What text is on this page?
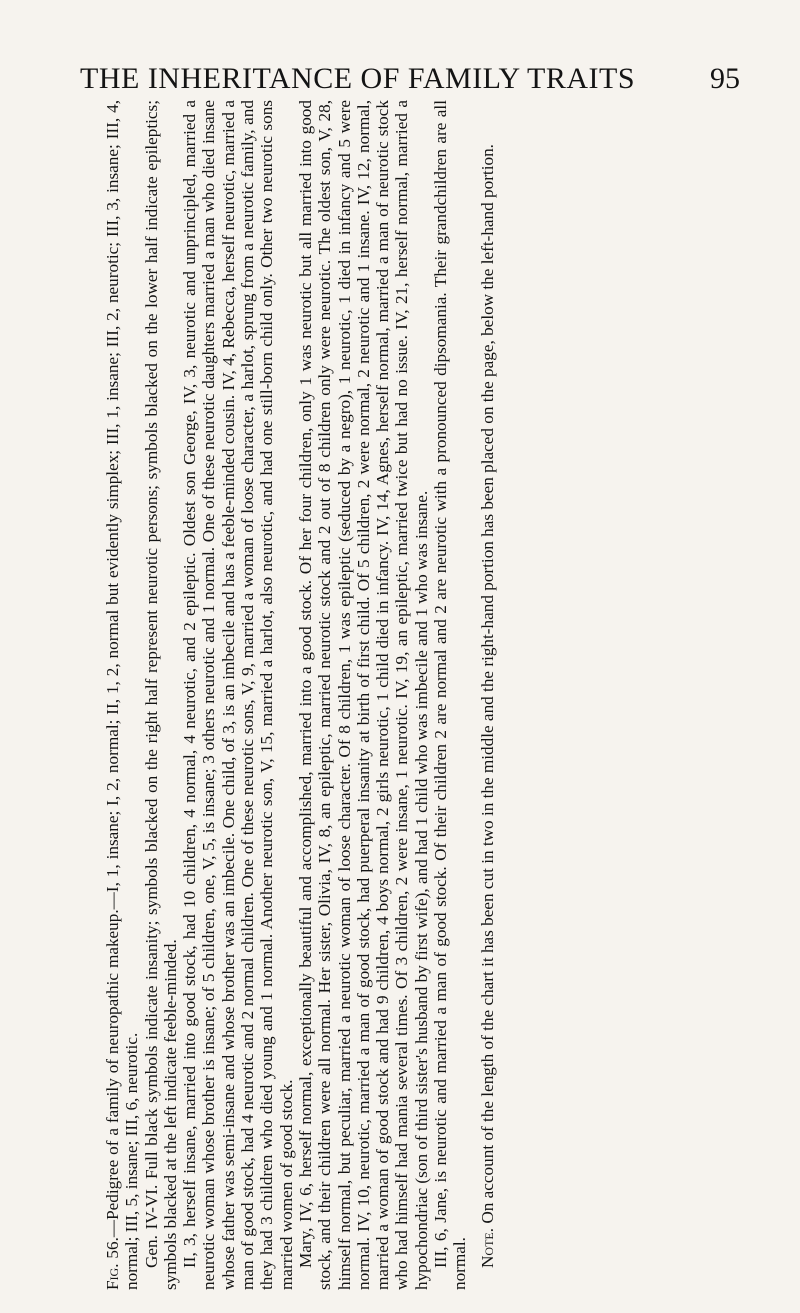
THE INHERITANCE OF FAMILY TRAITS 95

Fig. 56.—Pedigree of a family of neuropathic makeup.—I, 1, insane; I, 2, normal; II, 1, 2, normal but evidently simplex; III, 1, insane; III, 2, neurotic; III, 3, insane; III, 4, normal; III, 5, insane; III, 6, neurotic. Gen. IV-VI. Full black symbols indicate insanity; symbols blacked on the right half represent neurotic persons; symbols blacked on the lower half indicate epileptics; symbols blacked at the left indicate feeble-minded. II, 3, herself insane, married into good stock, had 10 children, 4 normal, 4 neurotic, and 2 epileptic. Oldest son George, IV, 3, neurotic and unprincipled, married a neurotic woman whose brother is insane; of 5 children, one, V, 5, is insane; 3 others neurotic and 1 normal. One of these neurotic daughters married a man who died insane whose father was semi-insane and whose brother was an imbecile. One child, of 3, is an imbecile and has a feeble-minded cousin. IV, 4, Rebecca, herself neurotic, married a man of good stock, had 4 neurotic and 2 normal children. One of these neurotic sons, V, 9, married a woman of loose character, a harlot, sprung from a neurotic family, and they had 3 children who died young and 1 normal. Another neurotic son, V, 15, married a harlot, also neurotic, and had one still-born child only. Other two neurotic sons married women of good stock. Mary, IV, 6, herself normal, exceptionally beautiful and accomplished, married into a good stock. Of her four children, only 1 was neurotic but all married into good stock, and their children were all normal. Her sister, Olivia, IV, 8, an epileptic, married neurotic stock and 2 out of 8 children only were neurotic. The oldest son, V, 28, himself normal, but peculiar, married a neurotic woman of loose character. Of 8 children, 1 was epileptic (seduced by a negro), 1 neurotic, 1 died in infancy and 5 were normal. IV, 10, neurotic, married a man of good stock, had puerperal insanity at birth of first child. Of 5 children, 2 were normal, 2 neurotic and 1 insane. IV, 12, normal, married a woman of good stock and had 9 children, 4 boys normal, 2 girls neurotic, 1 child died in infancy. IV, 14, Agnes, herself normal, married a man of neurotic stock who had himself had mania several times. Of 3 children, 2 were insane, 1 neurotic. IV, 19, an epileptic, married twice but had no issue. IV, 21, herself normal, married a hypochondriac (son of third sister's husband by first wife), and had 1 child who was imbecile and 1 who was insane. III, 6, Jane, is neurotic and married a man of good stock. Of their children 2 are normal and 2 are neurotic with a pronounced dipsomania. Their grandchildren are all normal. Note. On account of the length of the chart it has been cut in two in the middle and the right-hand portion has been placed on the page, below the left-hand portion.
